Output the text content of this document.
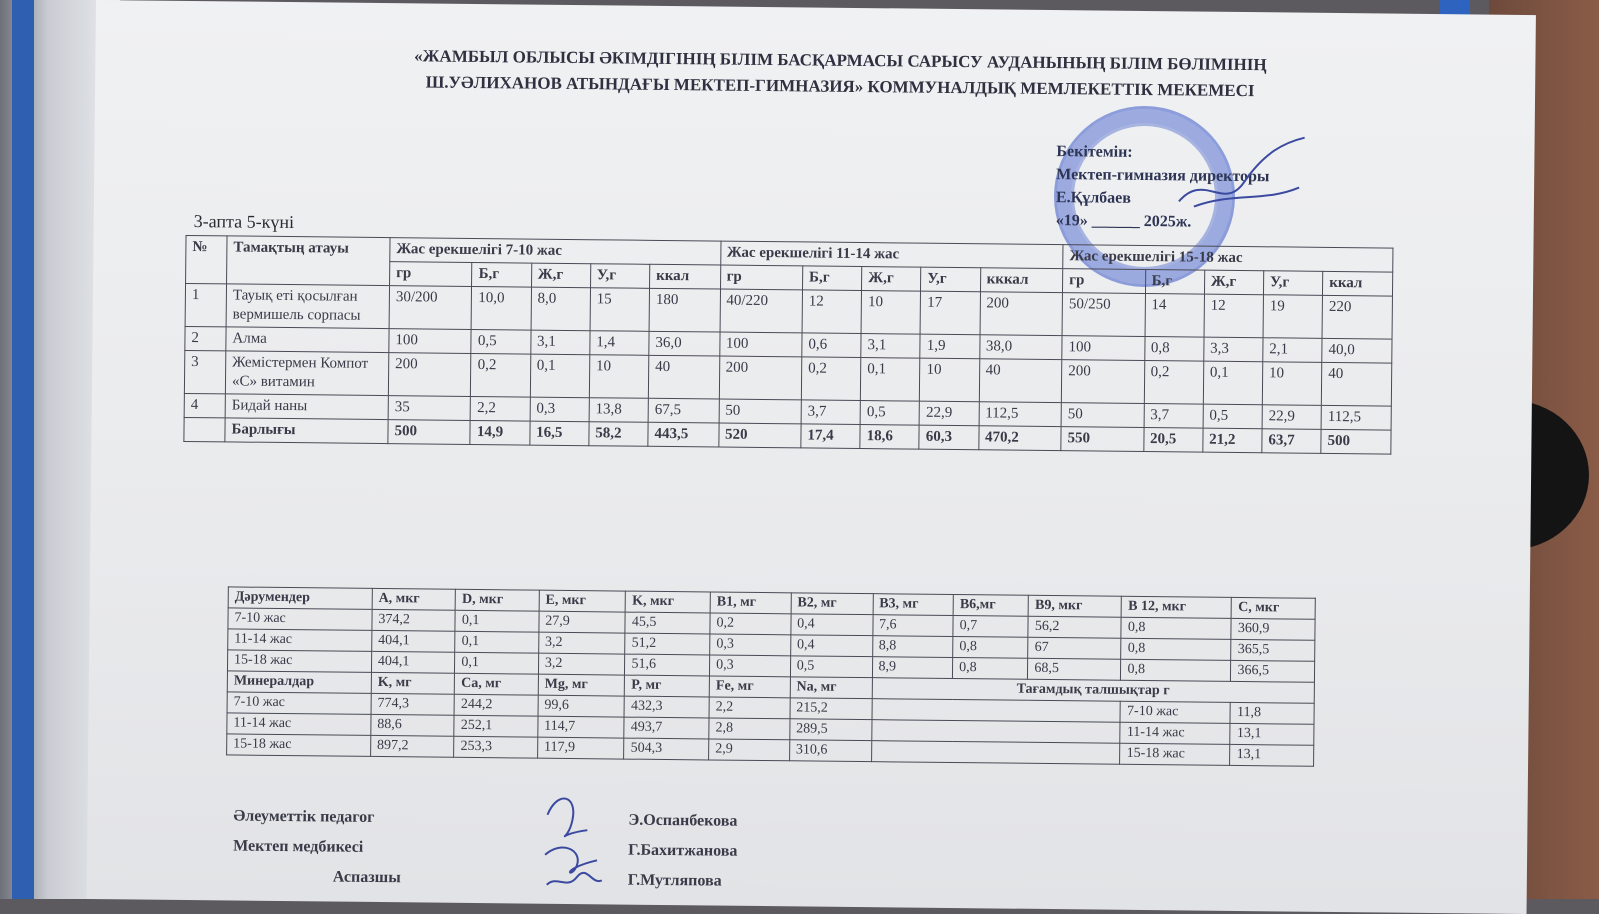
«ЖАМБЫЛ ОБЛЫСЫ ӘКІМДІГІНІҢ БІЛІМ БАСҚАРМАСЫ САРЫСУ АУДАНЫНЫҢ БІЛІМ БӨЛІМІНІҢ
Ш.УӘЛИХАНОВ АТЫНДАҒЫ МЕКТЕП-ГИМНАЗИЯ» КОММУНАЛДЫҚ МЕМЛЕКЕТТІК МЕКЕМЕСІ
Бекітемін:
Мектеп-гимназия директоры
Е.Құлбаев
«19» ______ 2025ж.
3-апта 5-күні
№	Тамақтың атауы	Жас ерекшелігі 7-10 жас					Жас ерекшелігі 11-14 жас					Жас ерекшелігі 15-18 жас				
		гр	Б,г	Ж,г	У,г	ккал	гр	Б,г	Ж,г	У,г	кккал	гр	Б,г	Ж,г	У,г	ккал
1	Тауық еті қосылған вермишель сорпасы	30/200	10,0	8,0	15	180	40/220	12	10	17	200	50/250	14	12	19	220
2	Алма	100	0,5	3,1	1,4	36,0	100	0,6	3,1	1,9	38,0	100	0,8	3,3	2,1	40,0
3	Жемістермен Компот «С» витамин	200	0,2	0,1	10	40	200	0,2	0,1	10	40	200	0,2	0,1	10	40
4	Бидай наны	35	2,2	0,3	13,8	67,5	50	3,7	0,5	22,9	112,5	50	3,7	0,5	22,9	112,5
	Барлығы	500	14,9	16,5	58,2	443,5	520	17,4	18,6	60,3	470,2	550	20,5	21,2	63,7	500
Дәрумендер	A, мкг	D, мкг	E, мкг	K, мкг	B1, мг	B2, мг	B3, мг	B6,мг	B9, мкг	B 12, мкг	C, мкг
7-10 жас	374,2	0,1	27,9	45,5	0,2	0,4	7,6	0,7	56,2	0,8	360,9
11-14 жас	404,1	0,1	3,2	51,2	0,3	0,4	8,8	0,8	67	0,8	365,5
15-18 жас	404,1	0,1	3,2	51,6	0,3	0,5	8,9	0,8	68,5	0,8	366,5
Минералдар	K, мг	Ca, мг	Mg, мг	P, мг	Fe, мг	Na, мг	Тағамдық талшықтар г				
7-10 жас	774,3	244,2	99,6	432,3	2,2	215,2				7-10 жас	11,8
11-14 жас	88,6	252,1	114,7	493,7	2,8	289,5				11-14 жас	13,1
15-18 жас	897,2	253,3	117,9	504,3	2,9	310,6				15-18 жас	13,1
Әлеуметтік педагог	Э.Оспанбекова
Мектеп медбикесі	Г.Бахитжанова
Аспазшы	Г.Мутляпова
